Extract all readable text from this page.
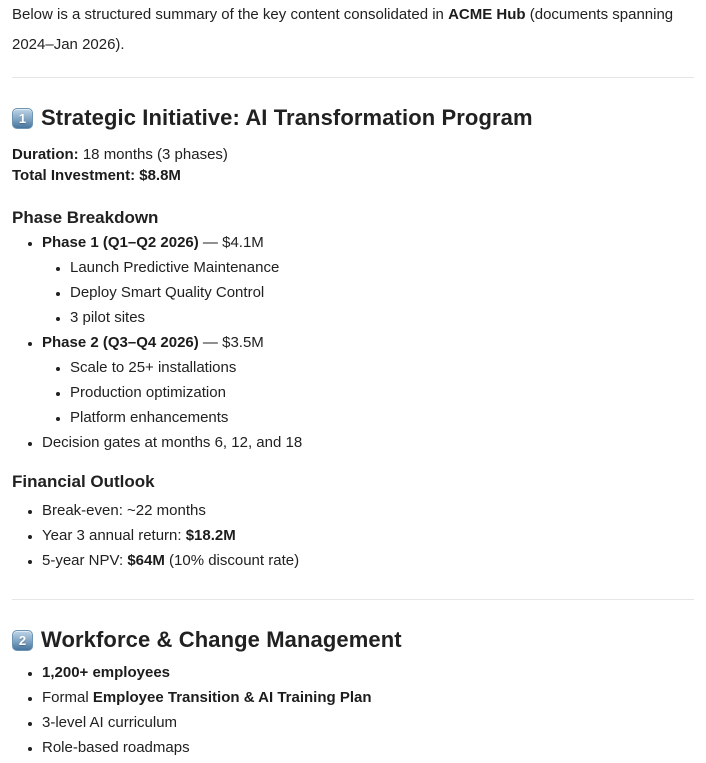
Below is a structured summary of the key content consolidated in ACME Hub (documents spanning 2024–Jan 2026).

1 Strategic Initiative: AI Transformation Program

Duration: 18 months (3 phases)

Total Investment: $8.8M

Phase Breakdown
• Phase 1 (Q1–Q2 2026) — $4.1M
• Launch Predictive Maintenance
• Deploy Smart Quality Control
• 3 pilot sites
• Phase 2 (Q3–Q4 2026) — $3.5M
• Scale to 25+ installations
• Production optimization
• Platform enhancements
• Decision gates at months 6, 12, and 18
Financial Outlook
• Break-even: ~22 months
• Year 3 annual return: $18.2M
• 5-year NPV: $64M (10% discount rate)
2 Workforce & Change Management
• 1,200+ employees
• Formal Employee Transition & AI Training Plan
• 3-level AI curriculum
• Role-based roadmaps
